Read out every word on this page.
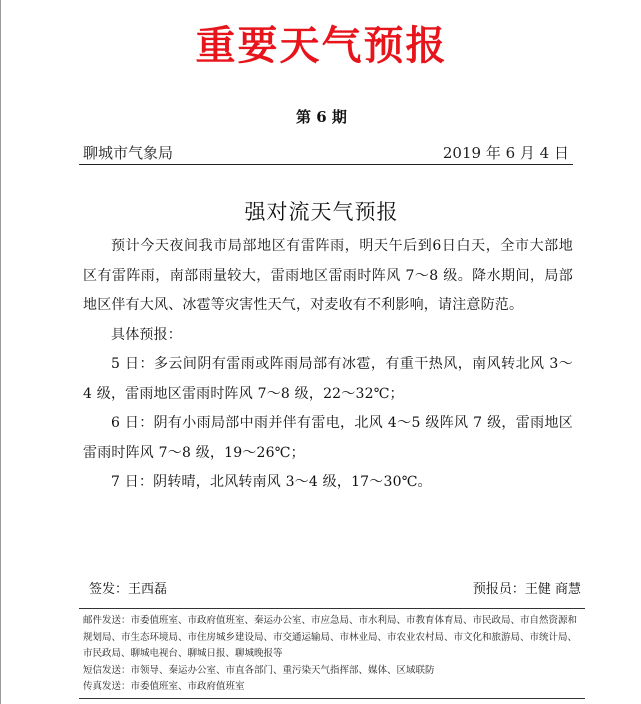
重要天气预报
第 6 期
聊城市气象局	2019 年 6 月 4 日
强对流天气预报

预计今天夜间我市局部地区有雷阵雨，明天午后到6日白天，全市大部地区有雷阵雨，南部雨量较大，雷雨地区雷雨时阵风 7～8 级。降水期间，局部地区伴有大风、冰雹等灾害性天气，对麦收有不利影响，请注意防范。

具体预报：

5 日：多云间阴有雷雨或阵雨局部有冰雹，有重干热风，南风转北风 3～4 级，雷雨地区雷雨时阵风 7～8 级，22～32℃；

6 日：阴有小雨局部中雨并伴有雷电，北风 4～5 级阵风 7 级，雷雨地区雷雨时阵风 7～8 级，19～26℃；

7 日：阴转晴，北风转南风 3～4 级，17～30℃。

签发：王西磊	预报员：王健 商慧

邮件发送：市委值班室、市政府值班室、秦运办公室、市应急局、市水利局、市教育体育局、市民政局、市自然资源和规划局、市生态环境局、市住房城乡建设局、市交通运输局、市林业局、市农业农村局、市文化和旅游局、市统计局、市民政局、聊城电视台、聊城日报、聊城晚报等

短信发送：市领导、秦运办公室、市直各部门、重污染天气指挥部、媒体、区域联防

传真发送：市委值班室、市政府值班室
